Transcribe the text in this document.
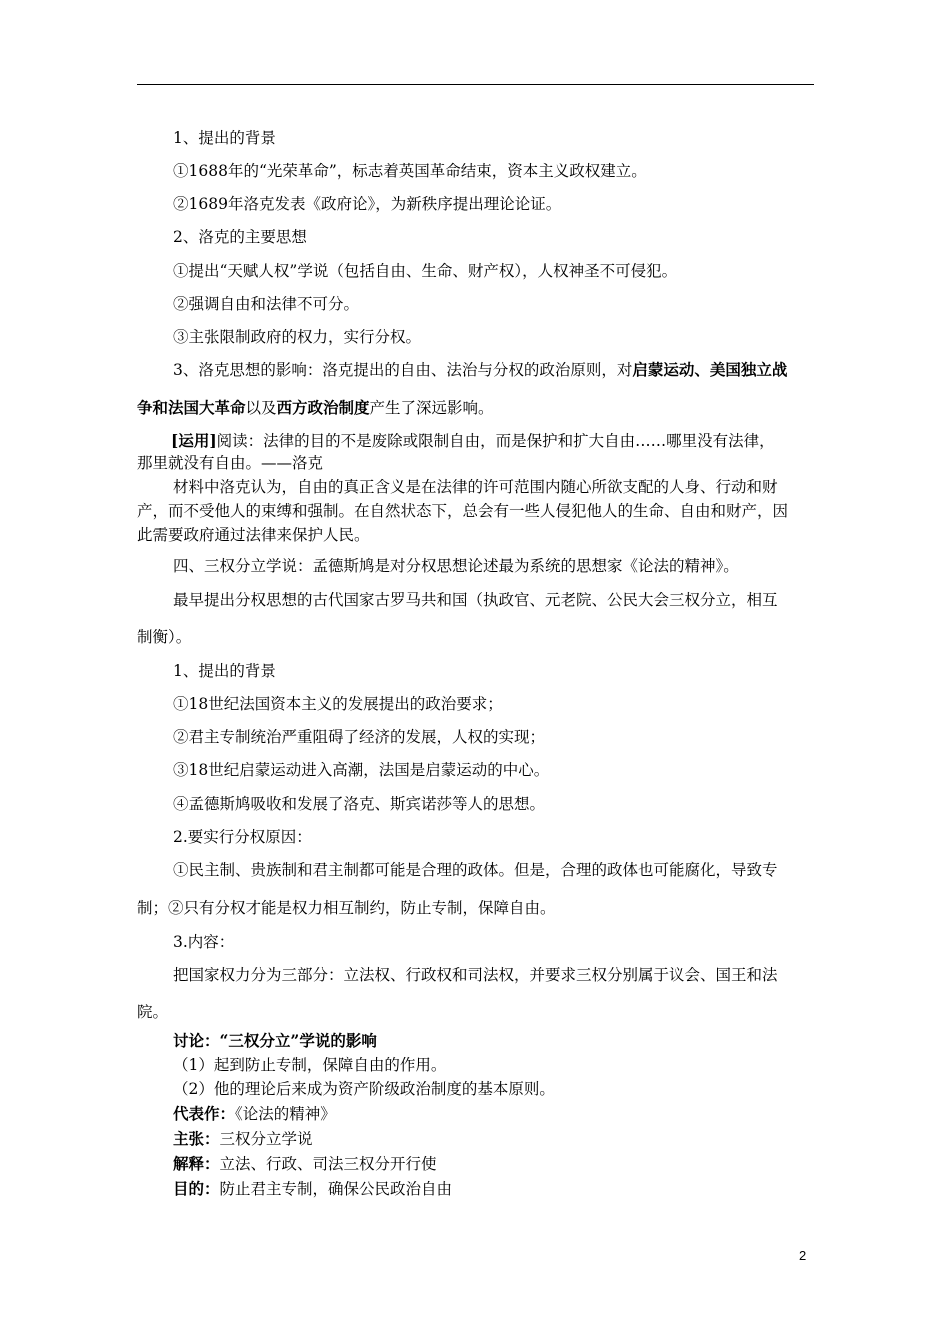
1、提出的背景
①1688年的“光荣革命”，标志着英国革命结束，资本主义政权建立。
②1689年洛克发表《政府论》，为新秩序提出理论论证。
2、洛克的主要思想
①提出“天赋人权”学说（包括自由、生命、财产权），人权神圣不可侵犯。
②强调自由和法律不可分。
③主张限制政府的权力，实行分权。
3、洛克思想的影响：洛克提出的自由、法治与分权的政治原则，对启蒙运动、美国独立战
争和法国大革命以及西方政治制度产生了深远影响。
[运用]阅读：法律的目的不是废除或限制自由，而是保护和扩大自由……哪里没有法律，
那里就没有自由。——洛克
材料中洛克认为，自由的真正含义是在法律的许可范围内随心所欲支配的人身、行动和财
产，而不受他人的束缚和强制。在自然状态下，总会有一些人侵犯他人的生命、自由和财产，因
此需要政府通过法律来保护人民。
四、三权分立学说：孟德斯鸠是对分权思想论述最为系统的思想家《论法的精神》。
最早提出分权思想的古代国家古罗马共和国（执政官、元老院、公民大会三权分立，相互
制衡）。
1、提出的背景
①18世纪法国资本主义的发展提出的政治要求；
②君主专制统治严重阻碍了经济的发展，人权的实现；
③18世纪启蒙运动进入高潮，法国是启蒙运动的中心。
④孟德斯鸠吸收和发展了洛克、斯宾诺莎等人的思想。
2.要实行分权原因：
①民主制、贵族制和君主制都可能是合理的政体。但是，合理的政体也可能腐化，导致专
制；②只有分权才能是权力相互制约，防止专制，保障自由。
3.内容：
把国家权力分为三部分：立法权、行政权和司法权，并要求三权分别属于议会、国王和法
院。
讨论：“三权分立”学说的影响
（1）起到防止专制，保障自由的作用。
（2）他的理论后来成为资产阶级政治制度的基本原则。
代表作：《论法的精神》
主张：三权分立学说
解释：立法、行政、司法三权分开行使
目的：防止君主专制，确保公民政治自由
2
